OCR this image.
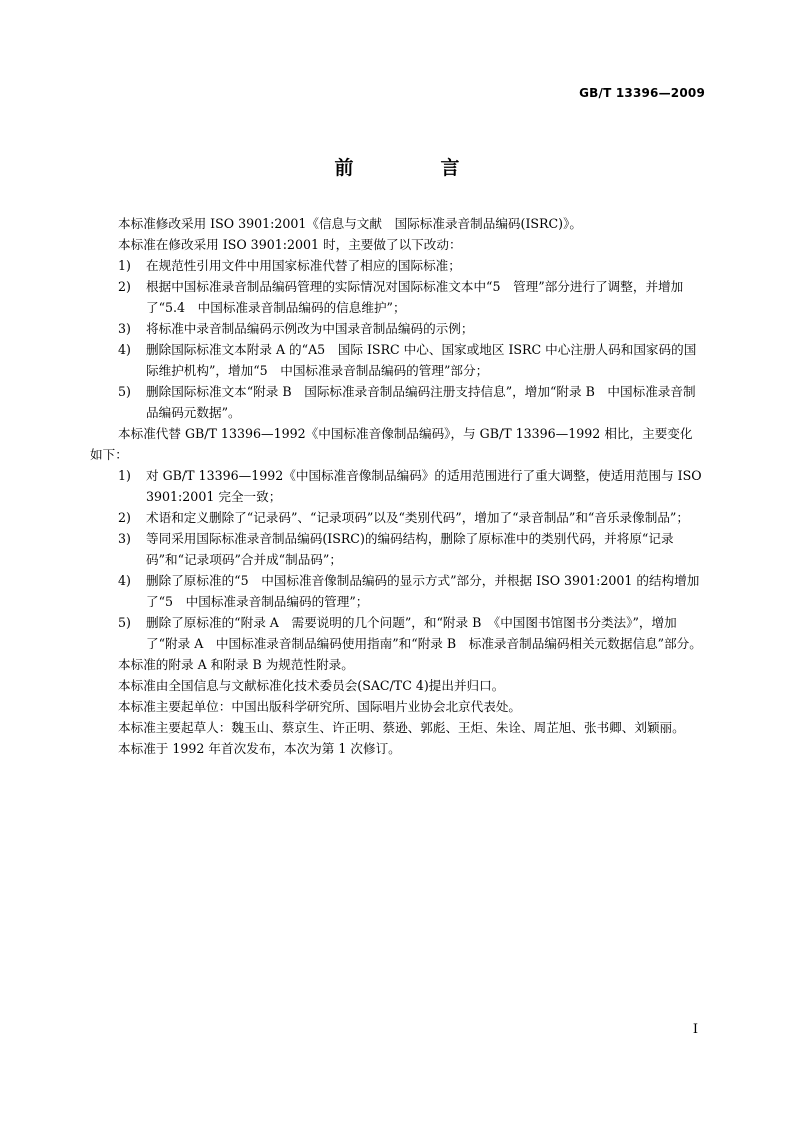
GB/T 13396—2009
前　言

本标准修改采用 ISO 3901:2001《信息与文献　国际标准录音制品编码(ISRC)》。

本标准在修改采用 ISO 3901:2001 时，主要做了以下改动：

1) 在规范性引用文件中用国家标准代替了相应的国际标准；
2) 根据中国标准录音制品编码管理的实际情况对国际标准文本中“5　管理”部分进行了调整，并增加了“5.4　中国标准录音制品编码的信息维护”；
3) 将标准中录音制品编码示例改为中国录音制品编码的示例；
4) 删除国际标准文本附录 A 的“A5　国际 ISRC 中心、国家或地区 ISRC 中心注册人码和国家码的国际维护机构”，增加“5　中国标准录音制品编码的管理”部分；
5) 删除国际标准文本“附录 B　国际标准录音制品编码注册支持信息”，增加“附录 B　中国标准录音制品编码元数据”。

本标准代替 GB/T 13396—1992《中国标准音像制品编码》，与 GB/T 13396—1992 相比，主要变化如下：

1) 对 GB/T 13396—1992《中国标准音像制品编码》的适用范围进行了重大调整，使适用范围与 ISO 3901:2001 完全一致；
2) 术语和定义删除了“记录码”、“记录项码”以及“类别代码”，增加了“录音制品”和“音乐录像制品”；
3) 等同采用国际标准录音制品编码(ISRC)的编码结构，删除了原标准中的类别代码，并将原“记录码”和“记录项码”合并成“制品码”；
4) 删除了原标准的“5　中国标准音像制品编码的显示方式”部分，并根据 ISO 3901:2001 的结构增加了“5　中国标准录音制品编码的管理”；
5) 删除了原标准的“附录 A　需要说明的几个问题”，和“附录 B　《中国图书馆图书分类法》”，增加了“附录 A　中国标准录音制品编码使用指南”和“附录 B　标准录音制品编码相关元数据信息”部分。

本标准的附录 A 和附录 B 为规范性附录。

本标准由全国信息与文献标准化技术委员会(SAC/TC 4)提出并归口。

本标准主要起单位：中国出版科学研究所、国际唱片业协会北京代表处。

本标准主要起草人：魏玉山、蔡京生、许正明、蔡逊、郭彪、王炬、朱诠、周芷旭、张书卿、刘颖丽。

本标准于 1992 年首次发布，本次为第 1 次修订。

I
